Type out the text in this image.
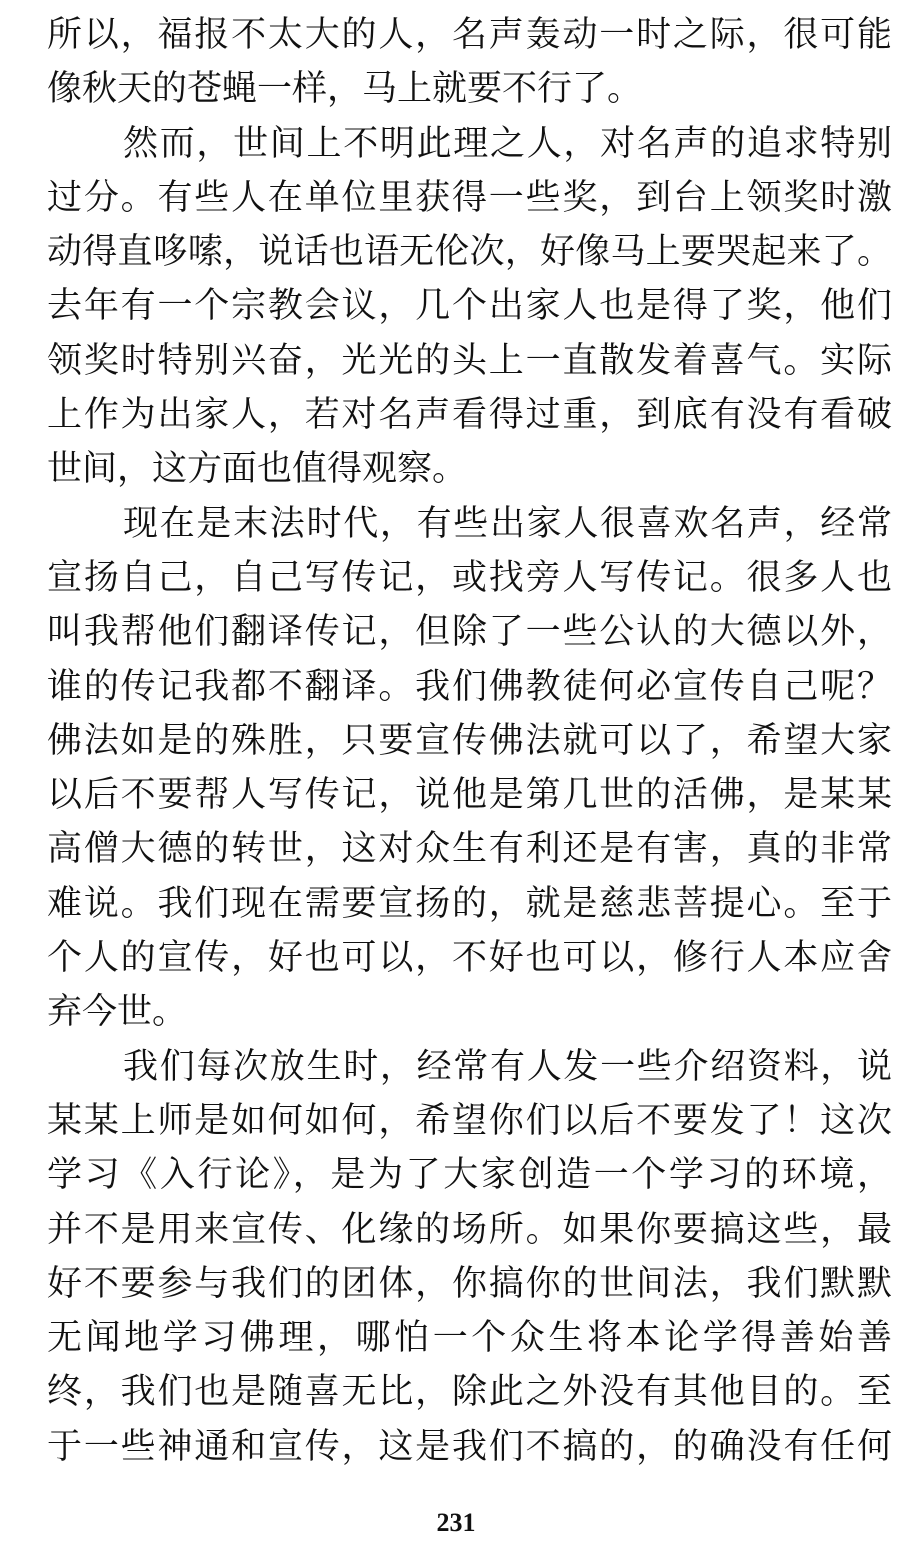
所以，福报不太大的人，名声轰动一时之际，很可能
像秋天的苍蝇一样，马上就要不行了。
然而，世间上不明此理之人，对名声的追求特别
过分。有些人在单位里获得一些奖，到台上领奖时激
动得直哆嗦，说话也语无伦次，好像马上要哭起来了。
去年有一个宗教会议，几个出家人也是得了奖，他们
领奖时特别兴奋，光光的头上一直散发着喜气。实际
上作为出家人，若对名声看得过重，到底有没有看破
世间，这方面也值得观察。
现在是末法时代，有些出家人很喜欢名声，经常
宣扬自己，自己写传记，或找旁人写传记。很多人也
叫我帮他们翻译传记，但除了一些公认的大德以外，
谁的传记我都不翻译。我们佛教徒何必宣传自己呢？
佛法如是的殊胜，只要宣传佛法就可以了，希望大家
以后不要帮人写传记，说他是第几世的活佛，是某某
高僧大德的转世，这对众生有利还是有害，真的非常
难说。我们现在需要宣扬的，就是慈悲菩提心。至于
个人的宣传，好也可以，不好也可以，修行人本应舍
弃今世。
我们每次放生时，经常有人发一些介绍资料，说
某某上师是如何如何，希望你们以后不要发了！这次
学习《入行论》，是为了大家创造一个学习的环境，
并不是用来宣传、化缘的场所。如果你要搞这些，最
好不要参与我们的团体，你搞你的世间法，我们默默
无闻地学习佛理，哪怕一个众生将本论学得善始善
终，我们也是随喜无比，除此之外没有其他目的。至
于一些神通和宣传，这是我们不搞的，的确没有任何
231
